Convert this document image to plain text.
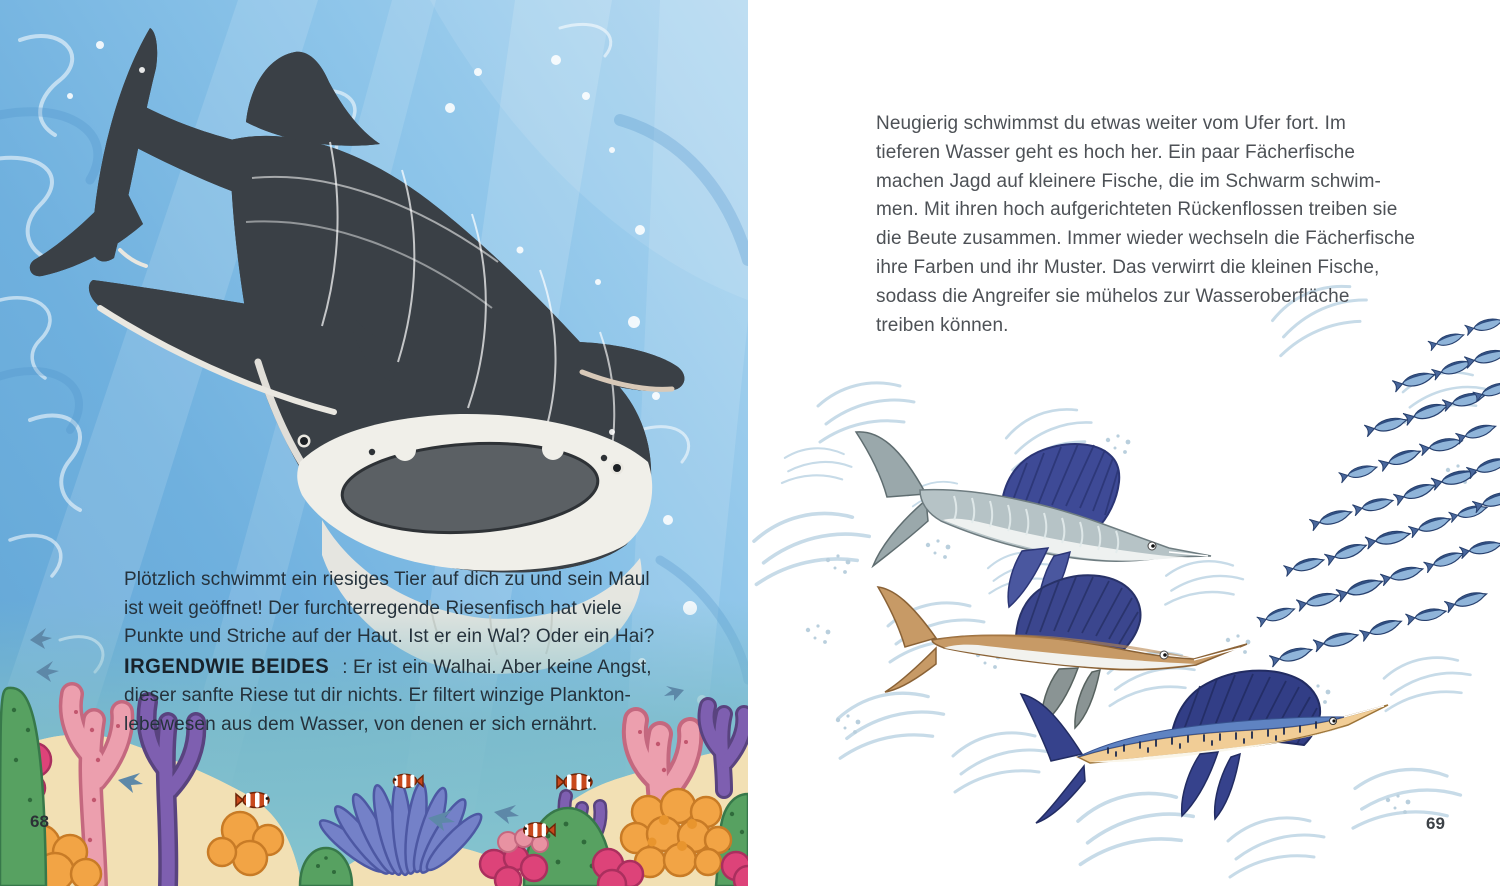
Plötzlich schwimmt ein riesiges Tier auf dich zu und sein Maul
ist weit geöffnet! Der furchterregende Riesenfisch hat viele
Punkte und Striche auf der Haut. Ist er ein Wal? Oder ein Hai?
IRGENDWIE BEIDES : Er ist ein Walhai. Aber keine Angst,
dieser sanfte Riese tut dir nichts. Er filtert winzige Plankton-
lebewesen aus dem Wasser, von denen er sich ernährt.
68
Neugierig schwimmst du etwas weiter vom Ufer fort. Im
tieferen Wasser geht es hoch her. Ein paar Fächerfische
machen Jagd auf kleinere Fische, die im Schwarm schwim-
men. Mit ihren hoch aufgerichteten Rückenflossen treiben sie
die Beute zusammen. Immer wieder wechseln die Fächerfische
ihre Farben und ihr Muster. Das verwirrt die kleinen Fische,
sodass die Angreifer sie mühelos zur Wasseroberfläche
treiben können.
69
